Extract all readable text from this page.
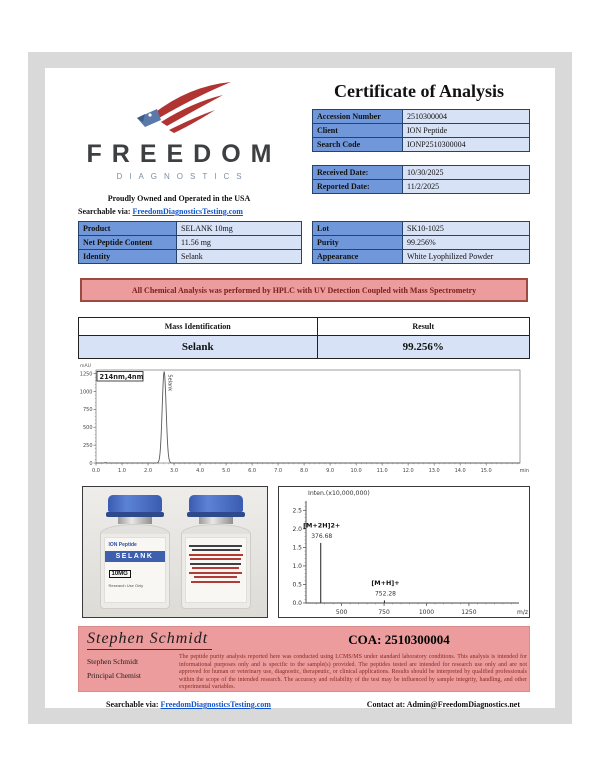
FREEDOM
DIAGNOSTICS
Proudly Owned and Operated in the USA
Searchable via: FreedomDiagnosticsTesting.com
Certificate of Analysis
Accession Number	2510300004
Client	ION Peptide
Search Code	IONP2510300004
Received Date:	10/30/2025
Reported Date:	11/2/2025
Product	SELANK 10mg
Net Peptide Content	11.56 mg
Identity	Selank
Lot	SK10-1025
Purity	99.256%
Appearance	White Lyophilized Powder
All Chemical Analysis was performed by HPLC with UV Detection Coupled with Mass Spectrometry
Mass Identification	Result
Selank	99.256%
0
250
500
750
1000
1250
0.0	1.0	2.0	3.0	4.0	5.0	6.0	7.0	8.0	9.0	10.0	11.0	12.0	13.0	14.0	15.0	min
mAU
214nm,4nm	Selank
ION Peptide
SELANK
10MG
Research Use Only
Inten.(x10,000,000)
0.0
0.5
1.0
1.5
2.0
2.5
500	750	1000	1250	m/z
376.68
[M+2H]2+
752.28
[M+H]+
Stephen Schmidt	COA: 2510300004
Stephen Schmidt
Principal Chemist
The peptide purity analysis reported here was conducted using LCMS/MS under standard laboratory conditions. This analysis is intended for informational purposes only and is specific to the sample(s) provided. The peptides tested are intended for research use only and are not approved for human or veterinary use, diagnostic, therapeutic, or clinical applications. Results should be interpreted by qualified professionals within the scope of the intended research. The accuracy and reliability of the test may be influenced by sample integrity, handling, and other experimental variables.
Searchable via: FreedomDiagnosticsTesting.com	Contact at: Admin@FreedomDiagnostics.net
